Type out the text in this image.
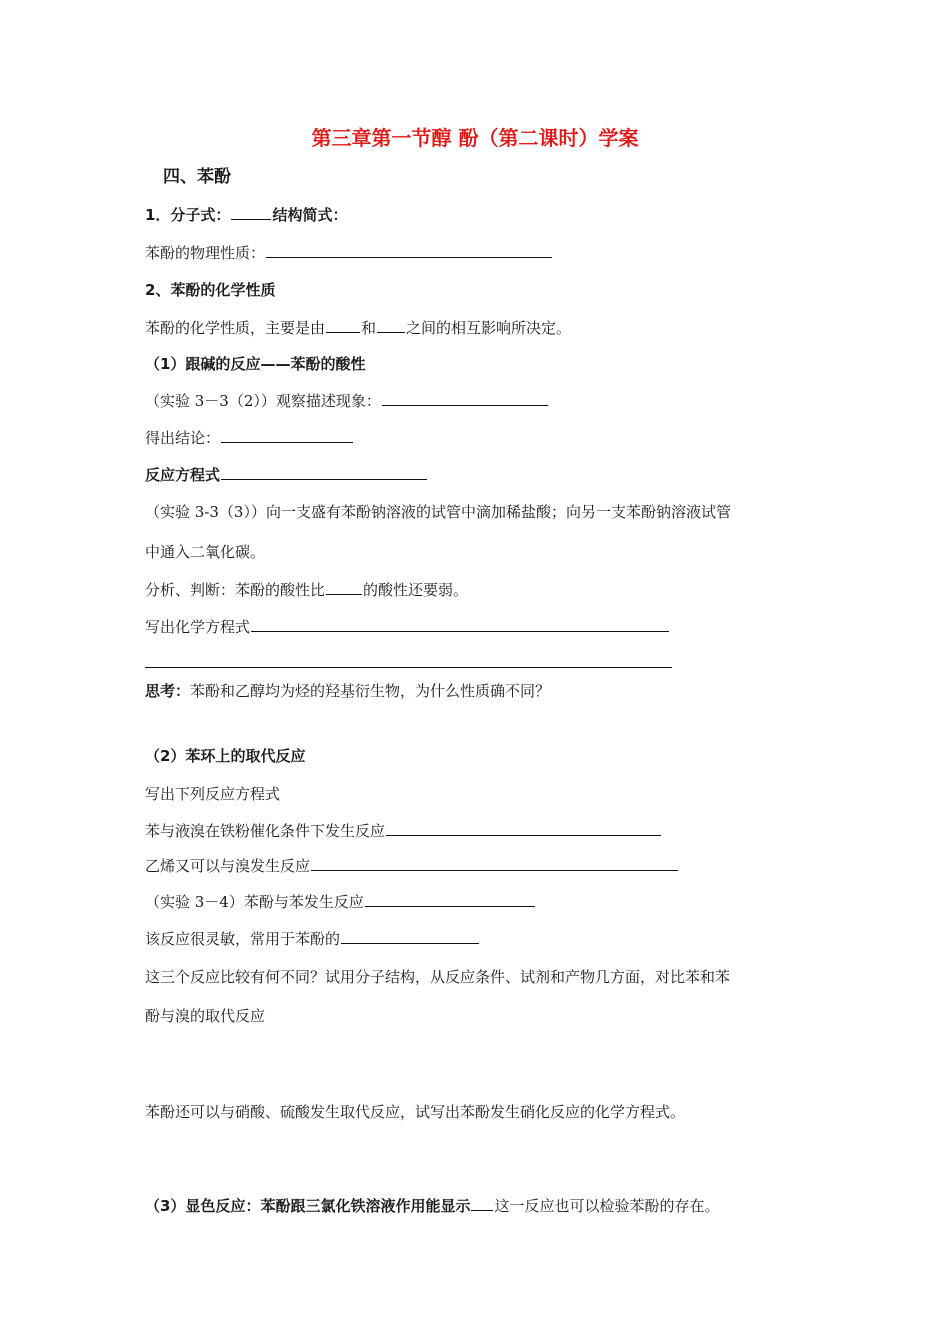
第三章第一节醇 酚（第二课时）学案
四、苯酚
1．分子式：	结构简式：
苯酚的物理性质：
2、苯酚的化学性质
苯酚的化学性质，主要是由 和 之间的相互影响所决定。
（1）跟碱的反应——苯酚的酸性
（实验 3－3（2））观察描述现象：
得出结论：
反应方程式
（实验 3-3（3））向一支盛有苯酚钠溶液的试管中滴加稀盐酸；向另一支苯酚钠溶液试管
中通入二氧化碳。
分析、判断：苯酚的酸性比	的酸性还要弱。
写出化学方程式
思考：苯酚和乙醇均为烃的羟基衍生物，为什么性质确不同？
（2）苯环上的取代反应
写出下列反应方程式
苯与液溴在铁粉催化条件下发生反应
乙烯又可以与溴发生反应
（实验 3－4）苯酚与苯发生反应
该反应很灵敏，常用于苯酚的
这三个反应比较有何不同？试用分子结构，从反应条件、试剂和产物几方面，对比苯和苯
酚与溴的取代反应
苯酚还可以与硝酸、硫酸发生取代反应，试写出苯酚发生硝化反应的化学方程式。
（3）显色反应：苯酚跟三氯化铁溶液作用能显示 这一反应也可以检验苯酚的存在。
